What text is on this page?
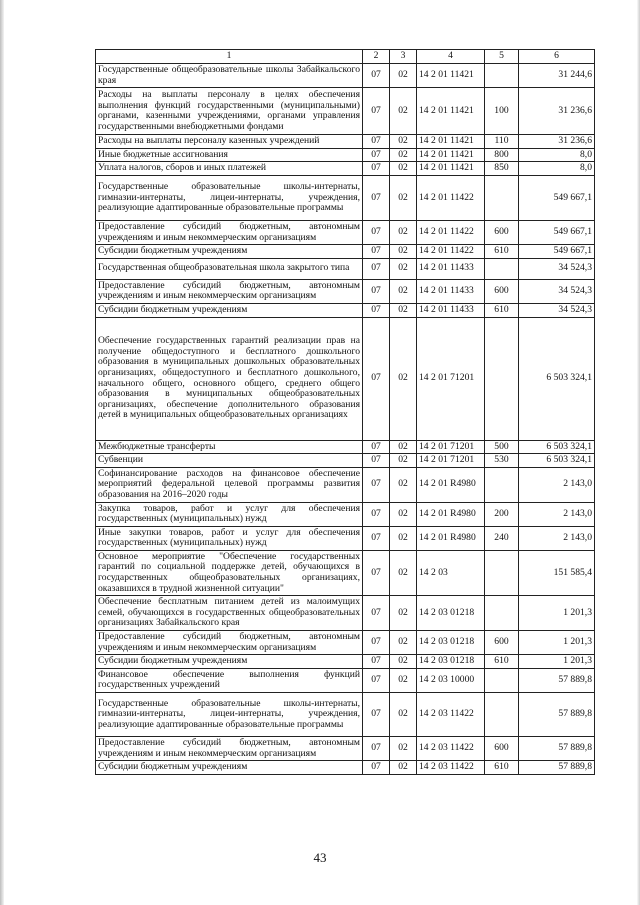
1	2	3	4	5	6
Государственные общеобразовательные школы Забайкальского края	07	02	14 2 01 11421		31 244,6
Расходы на выплаты персоналу в целях обеспечения выполнения функций государственными (муниципальными) органами, казенными учреждениями, органами управления государственными внебюджетными фондами	07	02	14 2 01 11421	100	31 236,6
Расходы на выплаты персоналу казенных учреждений	07	02	14 2 01 11421	110	31 236,6
Иные бюджетные ассигнования	07	02	14 2 01 11421	800	8,0
Уплата налогов, сборов и иных платежей	07	02	14 2 01 11421	850	8,0
Государственные образовательные школы-интернаты, гимназии-интернаты, лицеи-интернаты, учреждения, реализующие адаптированные образовательные программы	07	02	14 2 01 11422		549 667,1
Предоставление субсидий бюджетным, автономным учреждениям и иным некоммерческим организациям	07	02	14 2 01 11422	600	549 667,1
Субсидии бюджетным учреждениям	07	02	14 2 01 11422	610	549 667,1
Государственная общеобразовательная школа закрытого типа	07	02	14 2 01 11433		34 524,3
Предоставление субсидий бюджетным, автономным учреждениям и иным некоммерческим организациям	07	02	14 2 01 11433	600	34 524,3
Субсидии бюджетным учреждениям	07	02	14 2 01 11433	610	34 524,3
Обеспечение государственных гарантий реализации прав на получение общедоступного и бесплатного дошкольного образования в муниципальных дошкольных образовательных организациях, общедоступного и бесплатного дошкольного, начального общего, основного общего, среднего общего образования в муниципальных общеобразовательных организациях, обеспечение дополнительного образования детей в муниципальных общеобразовательных организациях	07	02	14 2 01 71201		6 503 324,1
Межбюджетные трансферты	07	02	14 2 01 71201	500	6 503 324,1
Субвенции	07	02	14 2 01 71201	530	6 503 324,1
Софинансирование расходов на финансовое обеспечение мероприятий федеральной целевой программы развития образования на 2016–2020 годы	07	02	14 2 01 R4980		2 143,0
Закупка товаров, работ и услуг для обеспечения государственных (муниципальных) нужд	07	02	14 2 01 R4980	200	2 143,0
Иные закупки товаров, работ и услуг для обеспечения государственных (муниципальных) нужд	07	02	14 2 01 R4980	240	2 143,0
Основное мероприятие "Обеспечение государственных гарантий по социальной поддержке детей, обучающихся в государственных общеобразовательных организациях, оказавшихся в трудной жизненной ситуации"	07	02	14 2 03		151 585,4
Обеспечение бесплатным питанием детей из малоимущих семей, обучающихся в государственных общеобразовательных организациях Забайкальского края	07	02	14 2 03 01218		1 201,3
Предоставление субсидий бюджетным, автономным учреждениям и иным некоммерческим организациям	07	02	14 2 03 01218	600	1 201,3
Субсидии бюджетным учреждениям	07	02	14 2 03 01218	610	1 201,3
Финансовое обеспечение выполнения функций государственных учреждений	07	02	14 2 03 10000		57 889,8
Государственные образовательные школы-интернаты, гимназии-интернаты, лицеи-интернаты, учреждения, реализующие адаптированные образовательные программы	07	02	14 2 03 11422		57 889,8
Предоставление субсидий бюджетным, автономным учреждениям и иным некоммерческим организациям	07	02	14 2 03 11422	600	57 889,8
Субсидии бюджетным учреждениям	07	02	14 2 03 11422	610	57 889,8
43
